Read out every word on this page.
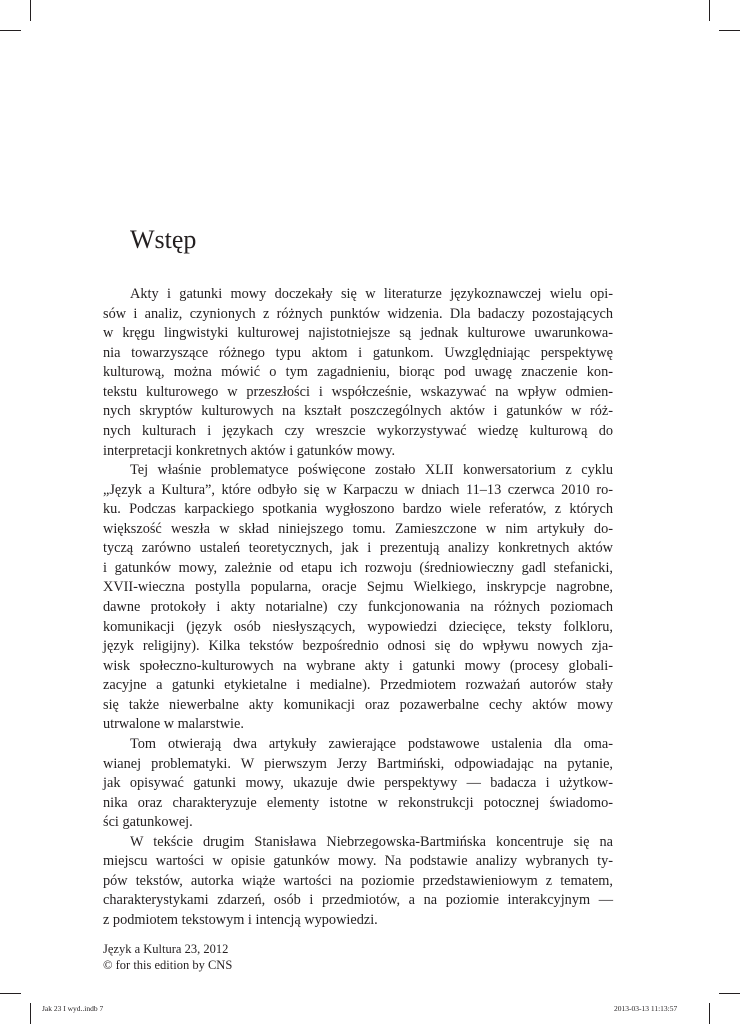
Wstęp

Akty i gatunki mowy doczekały się w literaturze językoznawczej wielu opi-

sów i analiz, czynionych z różnych punktów widzenia. Dla badaczy pozostających

w kręgu lingwistyki kulturowej najistotniejsze są jednak kulturowe uwarunkowa-

nia towarzyszące różnego typu aktom i gatunkom. Uwzględniając perspektywę

kulturową, można mówić o tym zagadnieniu, biorąc pod uwagę znaczenie kon-

tekstu kulturowego w przeszłości i współcześnie, wskazywać na wpływ odmien-

nych skryptów kulturowych na kształt poszczególnych aktów i gatunków w róż-

nych kulturach i językach czy wreszcie wykorzystywać wiedzę kulturową do

interpretacji konkretnych aktów i gatunków mowy.

Tej właśnie problematyce poświęcone zostało XLII konwersatorium z cyklu

„Język a Kultura”, które odbyło się w Karpaczu w dniach 11–13 czerwca 2010 ro-

ku. Podczas karpackiego spotkania wygłoszono bardzo wiele referatów, z których

większość weszła w skład niniejszego tomu. Zamieszczone w nim artykuły do-

tyczą zarówno ustaleń teoretycznych, jak i prezentują analizy konkretnych aktów

i gatunków mowy, zależnie od etapu ich rozwoju (średniowieczny gadl stefanicki,

XVII-wieczna postylla popularna, oracje Sejmu Wielkiego, inskrypcje nagrobne,

dawne protokoły i akty notarialne) czy funkcjonowania na różnych poziomach

komunikacji (język osób niesłyszących, wypowiedzi dziecięce, teksty folkloru,

język religijny). Kilka tekstów bezpośrednio odnosi się do wpływu nowych zja-

wisk społeczno-kulturowych na wybrane akty i gatunki mowy (procesy globali-

zacyjne a gatunki etykietalne i medialne). Przedmiotem rozważań autorów stały

się także niewerbalne akty komunikacji oraz pozawerbalne cechy aktów mowy

utrwalone w malarstwie.

Tom otwierają dwa artykuły zawierające podstawowe ustalenia dla oma-

wianej problematyki. W pierwszym Jerzy Bartmiński, odpowiadając na pytanie,

jak opisywać gatunki mowy, ukazuje dwie perspektywy — badacza i użytkow-

nika oraz charakteryzuje elementy istotne w rekonstrukcji potocznej świadomo-

ści gatunkowej.

W tekście drugim Stanisława Niebrzegowska-Bartmińska koncentruje się na

miejscu wartości w opisie gatunków mowy. Na podstawie analizy wybranych ty-

pów tekstów, autorka wiąże wartości na poziomie przedstawieniowym z tematem,

charakterystykami zdarzeń, osób i przedmiotów, a na poziomie interakcyjnym —

z podmiotem tekstowym i intencją wypowiedzi.

Język a Kultura 23, 2012
© for this edition by CNS
Jak 23 I wyd..indb 7	2013-03-13 11:13:57
